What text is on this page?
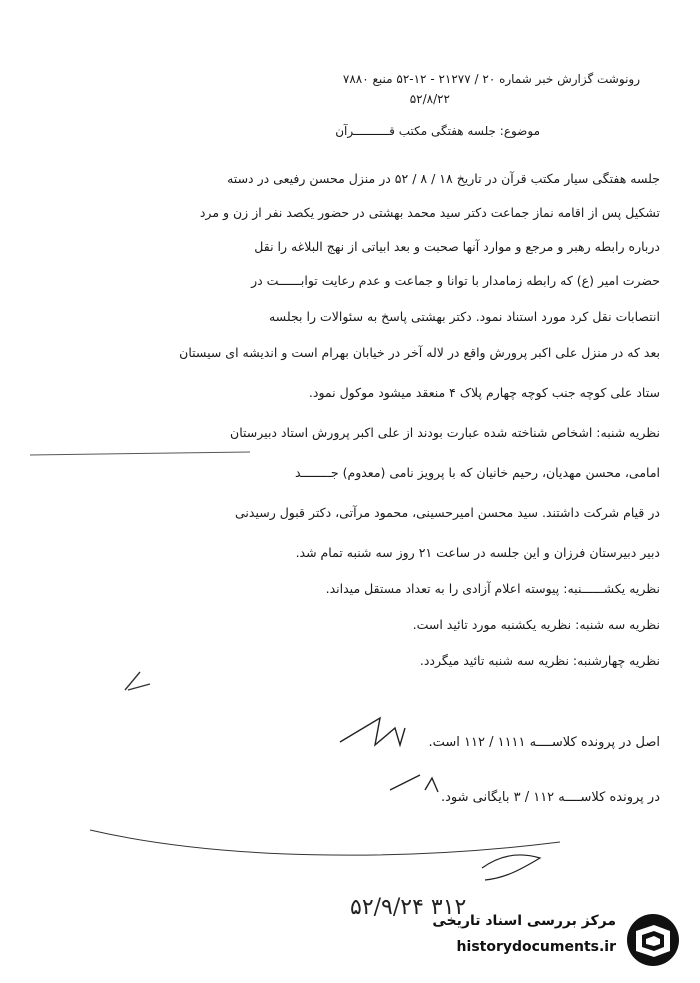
رونوشت گزارش خبر شماره ۲۰ / ۲۱۲۷۷ - ۱۲-۵۲ منبع ۷۸۸۰
۵۲/۸/۲۲
موضوع: جلسه هفتگی مکتب قــــــــــرآن
جلسه هفتگی سیار مکتب قرآن در تاریخ ۱۸ / ۸ / ۵۲ در منزل محسن رفیعی در دسته
تشکیل پس از اقامه نماز جماعت دکتر سید محمد بهشتی در حضور یکصد نفر از زن و مرد
درباره رابطه رهبر و مرجع و موارد آنها صحبت و بعد ابیاتی از نهج البلاغه را نقل
حضرت امیر (ع) که رابطه زمامدار با توانا و جماعت و عدم رعایت توابــــــت در
انتصابات نقل کرد مورد استناد نمود. دکتر بهشتی پاسخ به سئوالات را بجلسه
بعد که در منزل علی اکبر پرورش واقع در لاله آخر در خیابان بهرام است و اندیشه ای سیستان
ستاد علی کوچه جنب کوچه چهارم پلاک ۴ منعقد میشود موکول نمود.
نظریه شنبه: اشخاص شناخته شده عبارت بودند از علی اکبر پرورش استاد دبیرستان
امامی، محسن مهدیان، رحیم خانیان که با پرویز نامی (معدوم) جــــــــد
در قیام شرکت داشتند. سید محسن امیرحسینی، محمود مرآتی، دکتر قبول رسیدنی
دبیر دبیرستان فرزان و این جلسه در ساعت ۲۱ روز سه شنبه تمام شد.
نظریه یکشــــــنبه: پیوسته اعلام آزادی را به تعداد مستقل میداند.
نظریه سه شنبه: نظریه یکشنبه مورد تائید است.
نظریه چهارشنبه: نظریه سه شنبه تائید میگردد.
اصل در پرونده کلاســــه ۱۱۱۱ / ۱۱۲ است.
در پرونده کلاســــه ۱۱۲ / ۳ بایگانی شود.
۵۲/۹/۲۴ ۳۱۲
مرکز بررسی اسناد تاریخی
historydocuments.ir
